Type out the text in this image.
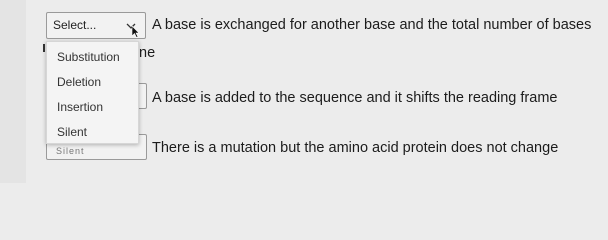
Select...	A base is exchanged for another base and the total number of bases
ne
A base is added to the sequence and it shifts the reading frame
There is a mutation but the amino acid protein does not change
Substitution
Deletion
Insertion
Silent
Silent
